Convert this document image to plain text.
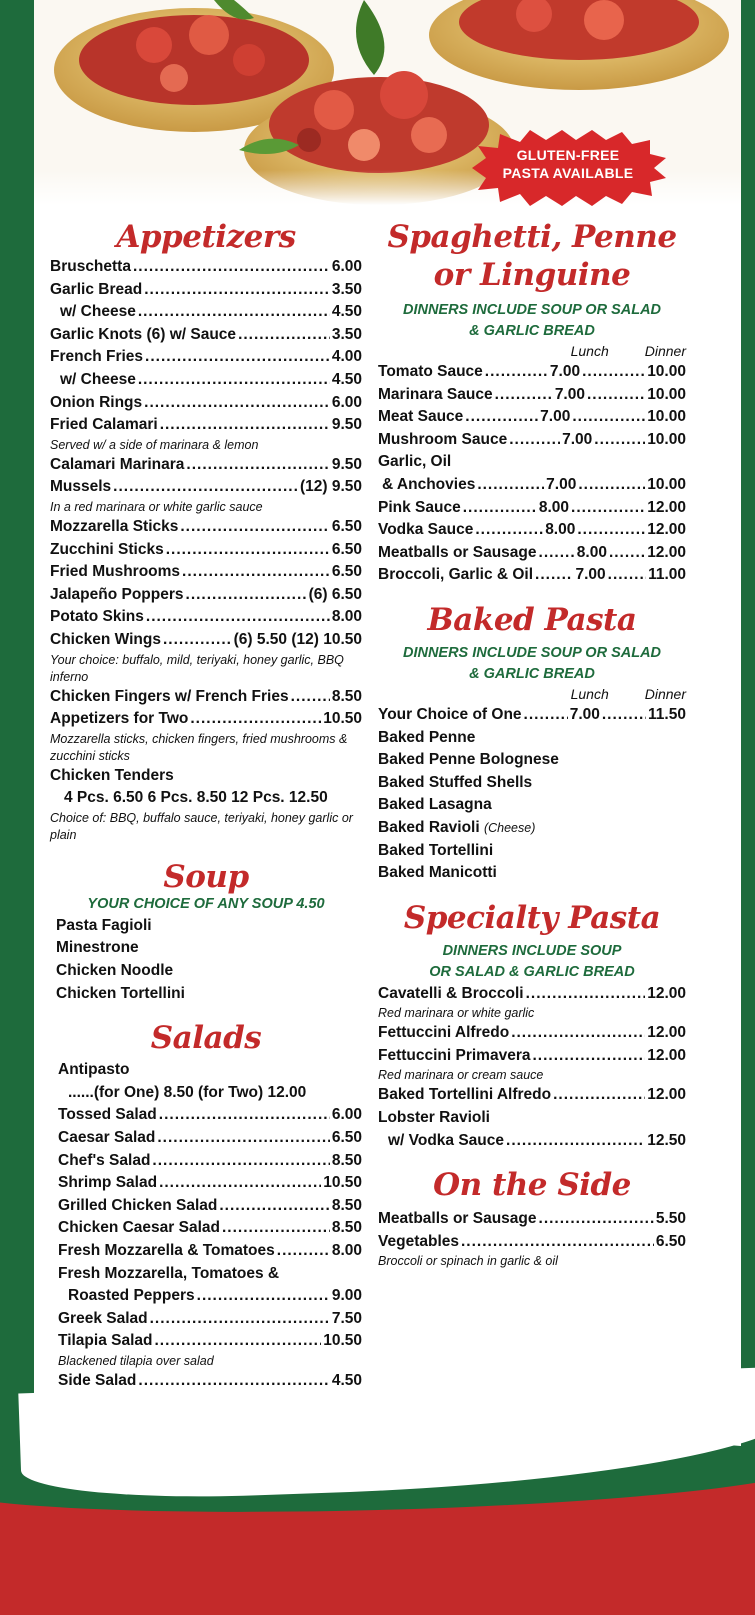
GLUTEN-FREE
PASTA AVAILABLE
Appetizers
Bruschetta .....	6.00
Garlic Bread .....	3.50
w/ Cheese .....	4.50
Garlic Knots (6) w/ Sauce .....	3.50
French Fries .....	4.00
w/ Cheese .....	4.50
Onion Rings .....	6.00
Fried Calamari .....	9.50
Served w/ a side of marinara & lemon
Calamari Marinara .....	9.50
Mussels .....	(12) 9.50
In a red marinara or white garlic sauce
Mozzarella Sticks .....	6.50
Zucchini Sticks .....	6.50
Fried Mushrooms .....	6.50
Jalapeño Poppers .....	(6) 6.50
Potato Skins .....	8.00
Chicken Wings .....	(6) 5.50 (12) 10.50
Your choice: buffalo, mild, teriyaki, honey garlic, BBQ inferno
Chicken Fingers w/ French Fries .....	8.50
Appetizers for Two .....	10.50
Mozzarella sticks, chicken fingers, fried mushrooms & zucchini sticks
Chicken Tenders
4 Pcs. 6.50 6 Pcs. 8.50 12 Pcs. 12.50
Choice of: BBQ, buffalo sauce, teriyaki, honey garlic or plain
Soup
YOUR CHOICE OF ANY SOUP 4.50
Pasta Fagioli
Minestrone
Chicken Noodle
Chicken Tortellini
Salads
Antipasto
......(for One) 8.50 (for Two) 12.00
Tossed Salad .....	6.00
Caesar Salad .....	6.50
Chef's Salad .....	8.50
Shrimp Salad .....	10.50
Grilled Chicken Salad .....	8.50
Chicken Caesar Salad .....	8.50
Fresh Mozzarella & Tomatoes .....	8.00
Fresh Mozzarella, Tomatoes &
Roasted Peppers .....	9.00
Greek Salad .....	7.50
Tilapia Salad .....	10.50
Blackened tilapia over salad
Side Salad .....	4.50
Spaghetti, Penne
or Linguine
DINNERS INCLUDE SOUP OR SALAD
& GARLIC BREAD
Lunch	Dinner
Tomato Sauce .....	7.00 .....	10.00
Marinara Sauce .....	7.00 .....	10.00
Meat Sauce .....	7.00 .....	10.00
Mushroom Sauce .....	7.00 .....	10.00
Garlic, Oil
& Anchovies .....	7.00 .....	10.00
Pink Sauce .....	8.00 .....	12.00
Vodka Sauce .....	8.00 .....	12.00
Meatballs or Sausage .....	8.00 .....	12.00
Broccoli, Garlic & Oil .....	7.00 .....	11.00
Baked Pasta
DINNERS INCLUDE SOUP OR SALAD
& GARLIC BREAD
Lunch	Dinner
Your Choice of One .....	7.00 .....	11.50
Baked Penne
Baked Penne Bolognese
Baked Stuffed Shells
Baked Lasagna
Baked Ravioli (Cheese)
Baked Tortellini
Baked Manicotti
Specialty Pasta
DINNERS INCLUDE SOUP
OR SALAD & GARLIC BREAD
Cavatelli & Broccoli .....	12.00
Red marinara or white garlic
Fettuccini Alfredo .....	12.00
Fettuccini Primavera .....	12.00
Red marinara or cream sauce
Baked Tortellini Alfredo .....	12.00
Lobster Ravioli
w/ Vodka Sauce .....	12.50
On the Side
Meatballs or Sausage .....	5.50
Vegetables .....	6.50
Broccoli or spinach in garlic & oil
